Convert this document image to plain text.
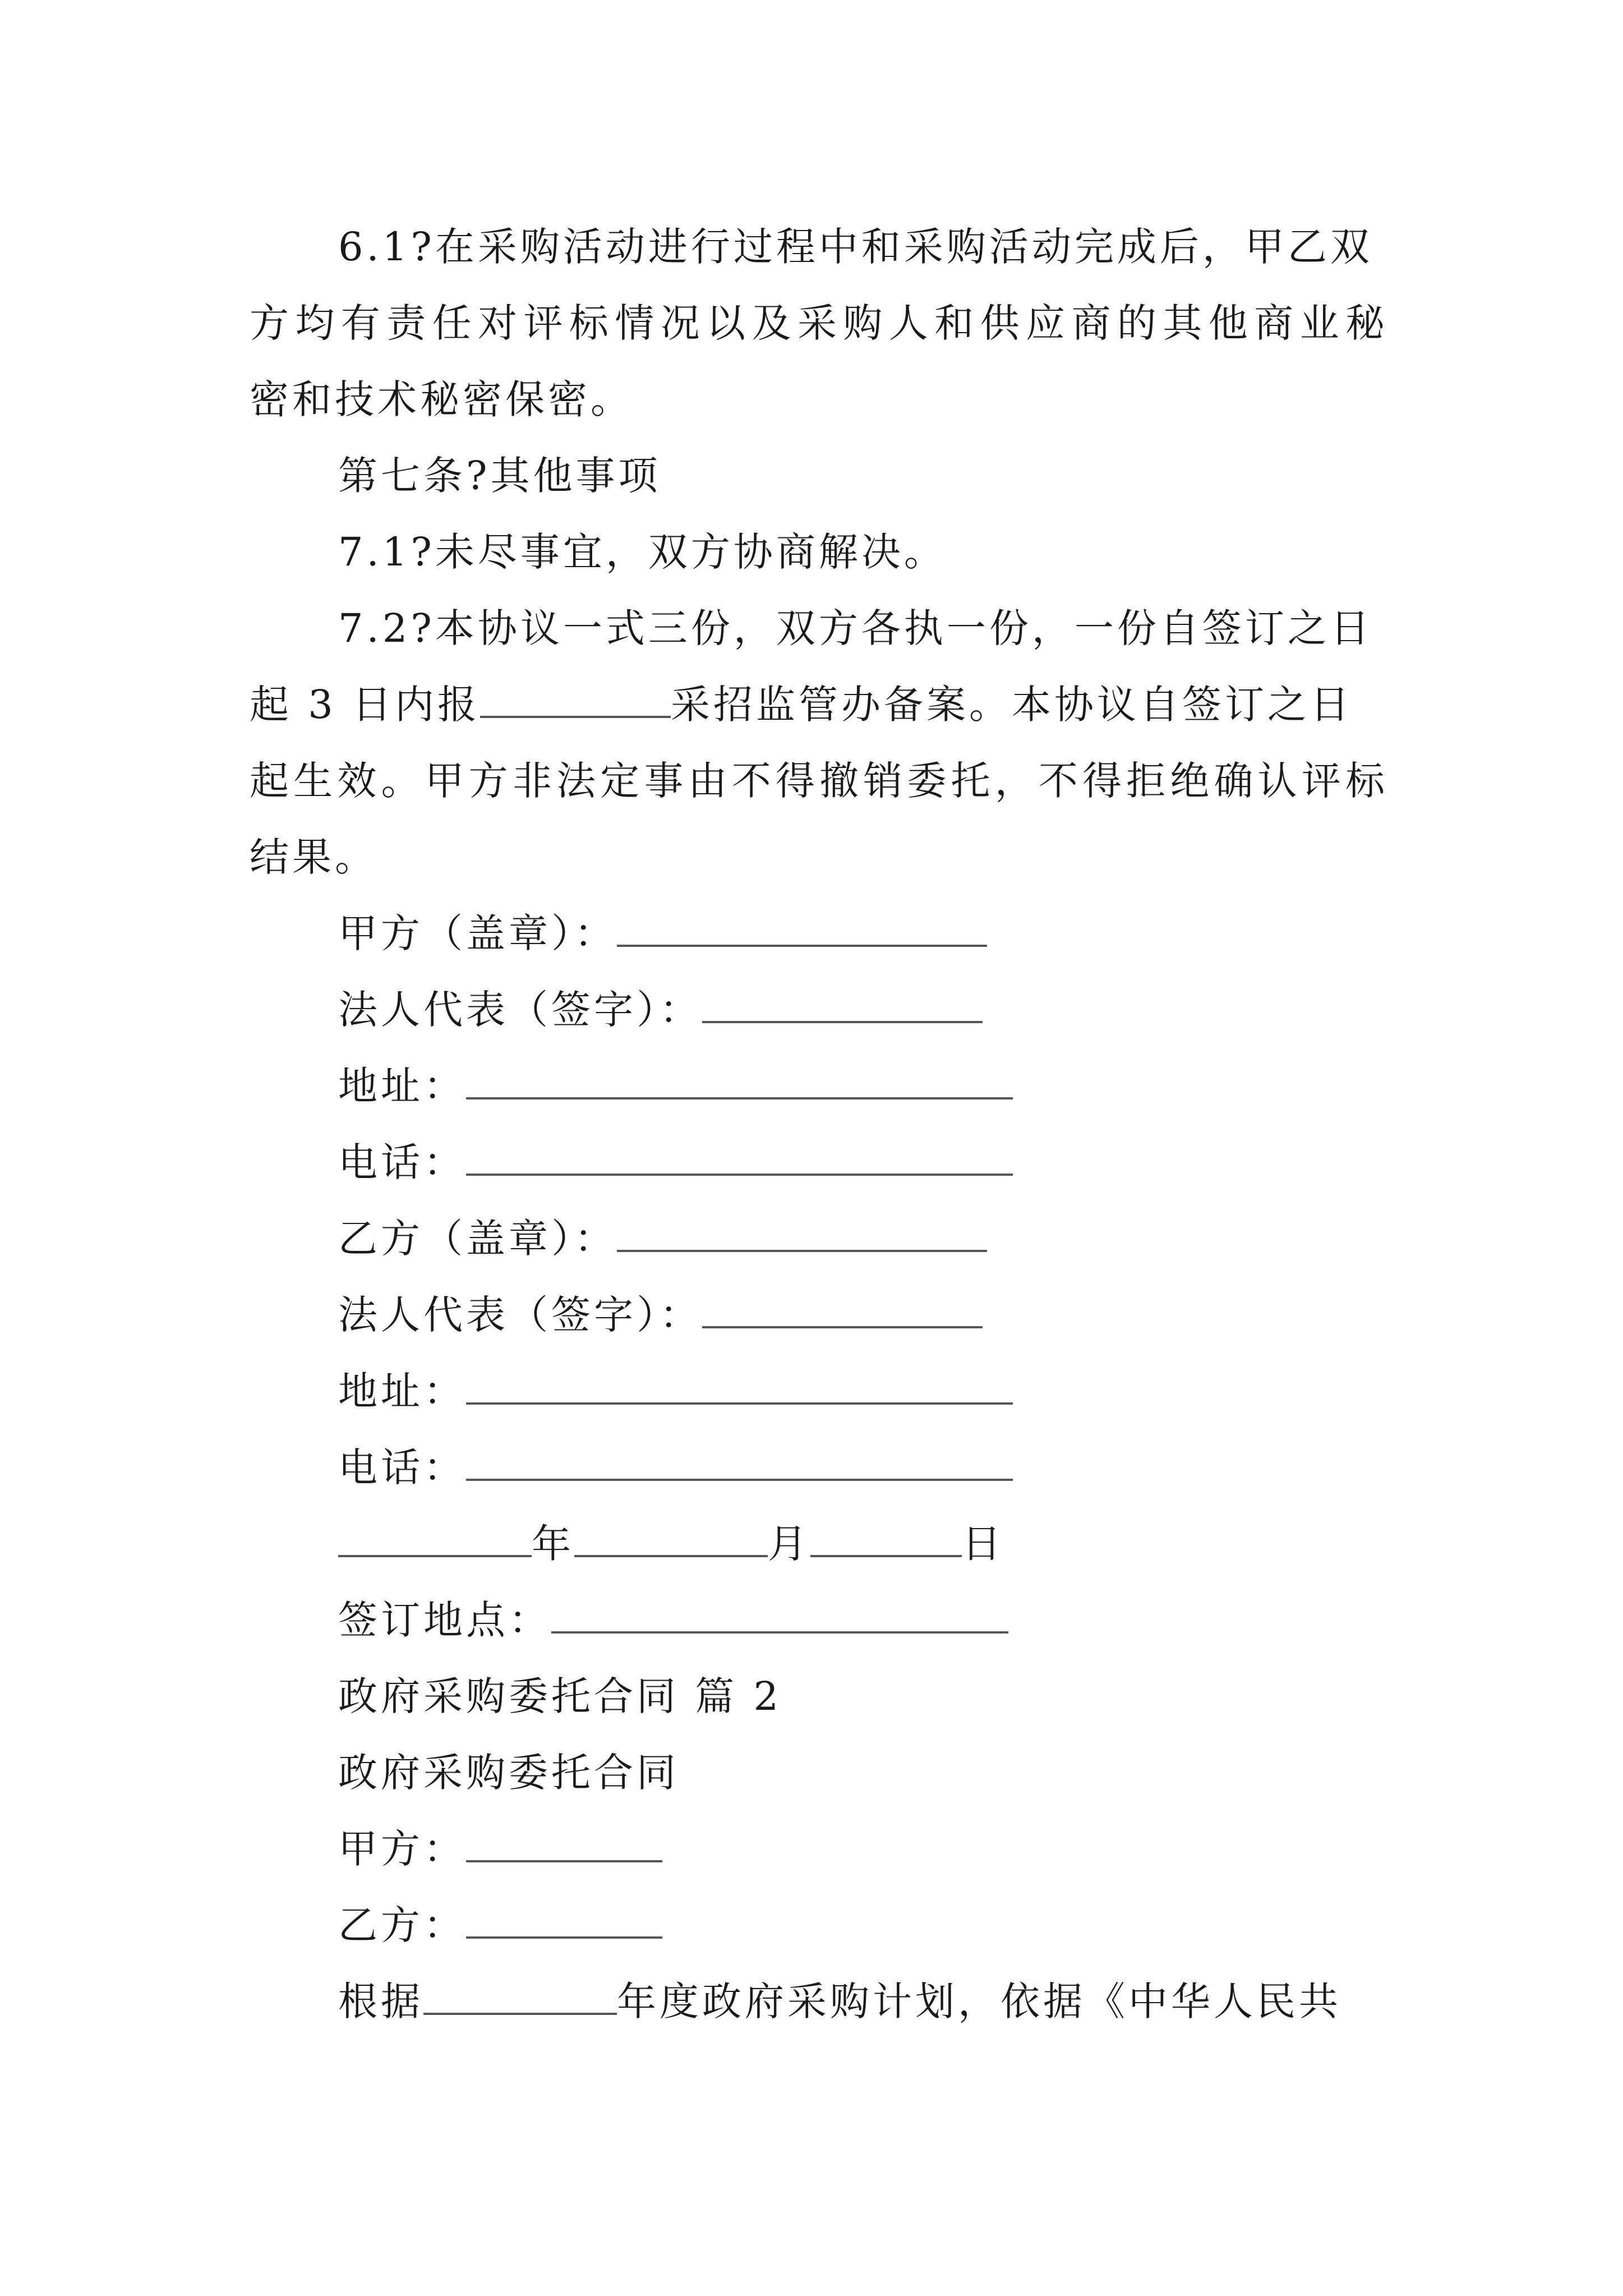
6.1?在采购活动进行过程中和采购活动完成后，甲乙双
方均有责任对评标情况以及采购人和供应商的其他商业秘
密和技术秘密保密。
第七条?其他事项
7.1?未尽事宜，双方协商解决。
7.2?本协议一式三份，双方各执一份，一份自签订之日
起 3 日内报	采招监管办备案。本协议自签订之日
起生效。甲方非法定事由不得撤销委托，不得拒绝确认评标
结果。
甲方（盖章）：
法人代表（签字）：
地址：
电话：
乙方（盖章）：
法人代表（签字）：
地址：
电话：
年	月	日
签订地点：
政府采购委托合同 篇 2
政府采购委托合同
甲方：
乙方：
根据	年度政府采购计划，依据《中华人民共
